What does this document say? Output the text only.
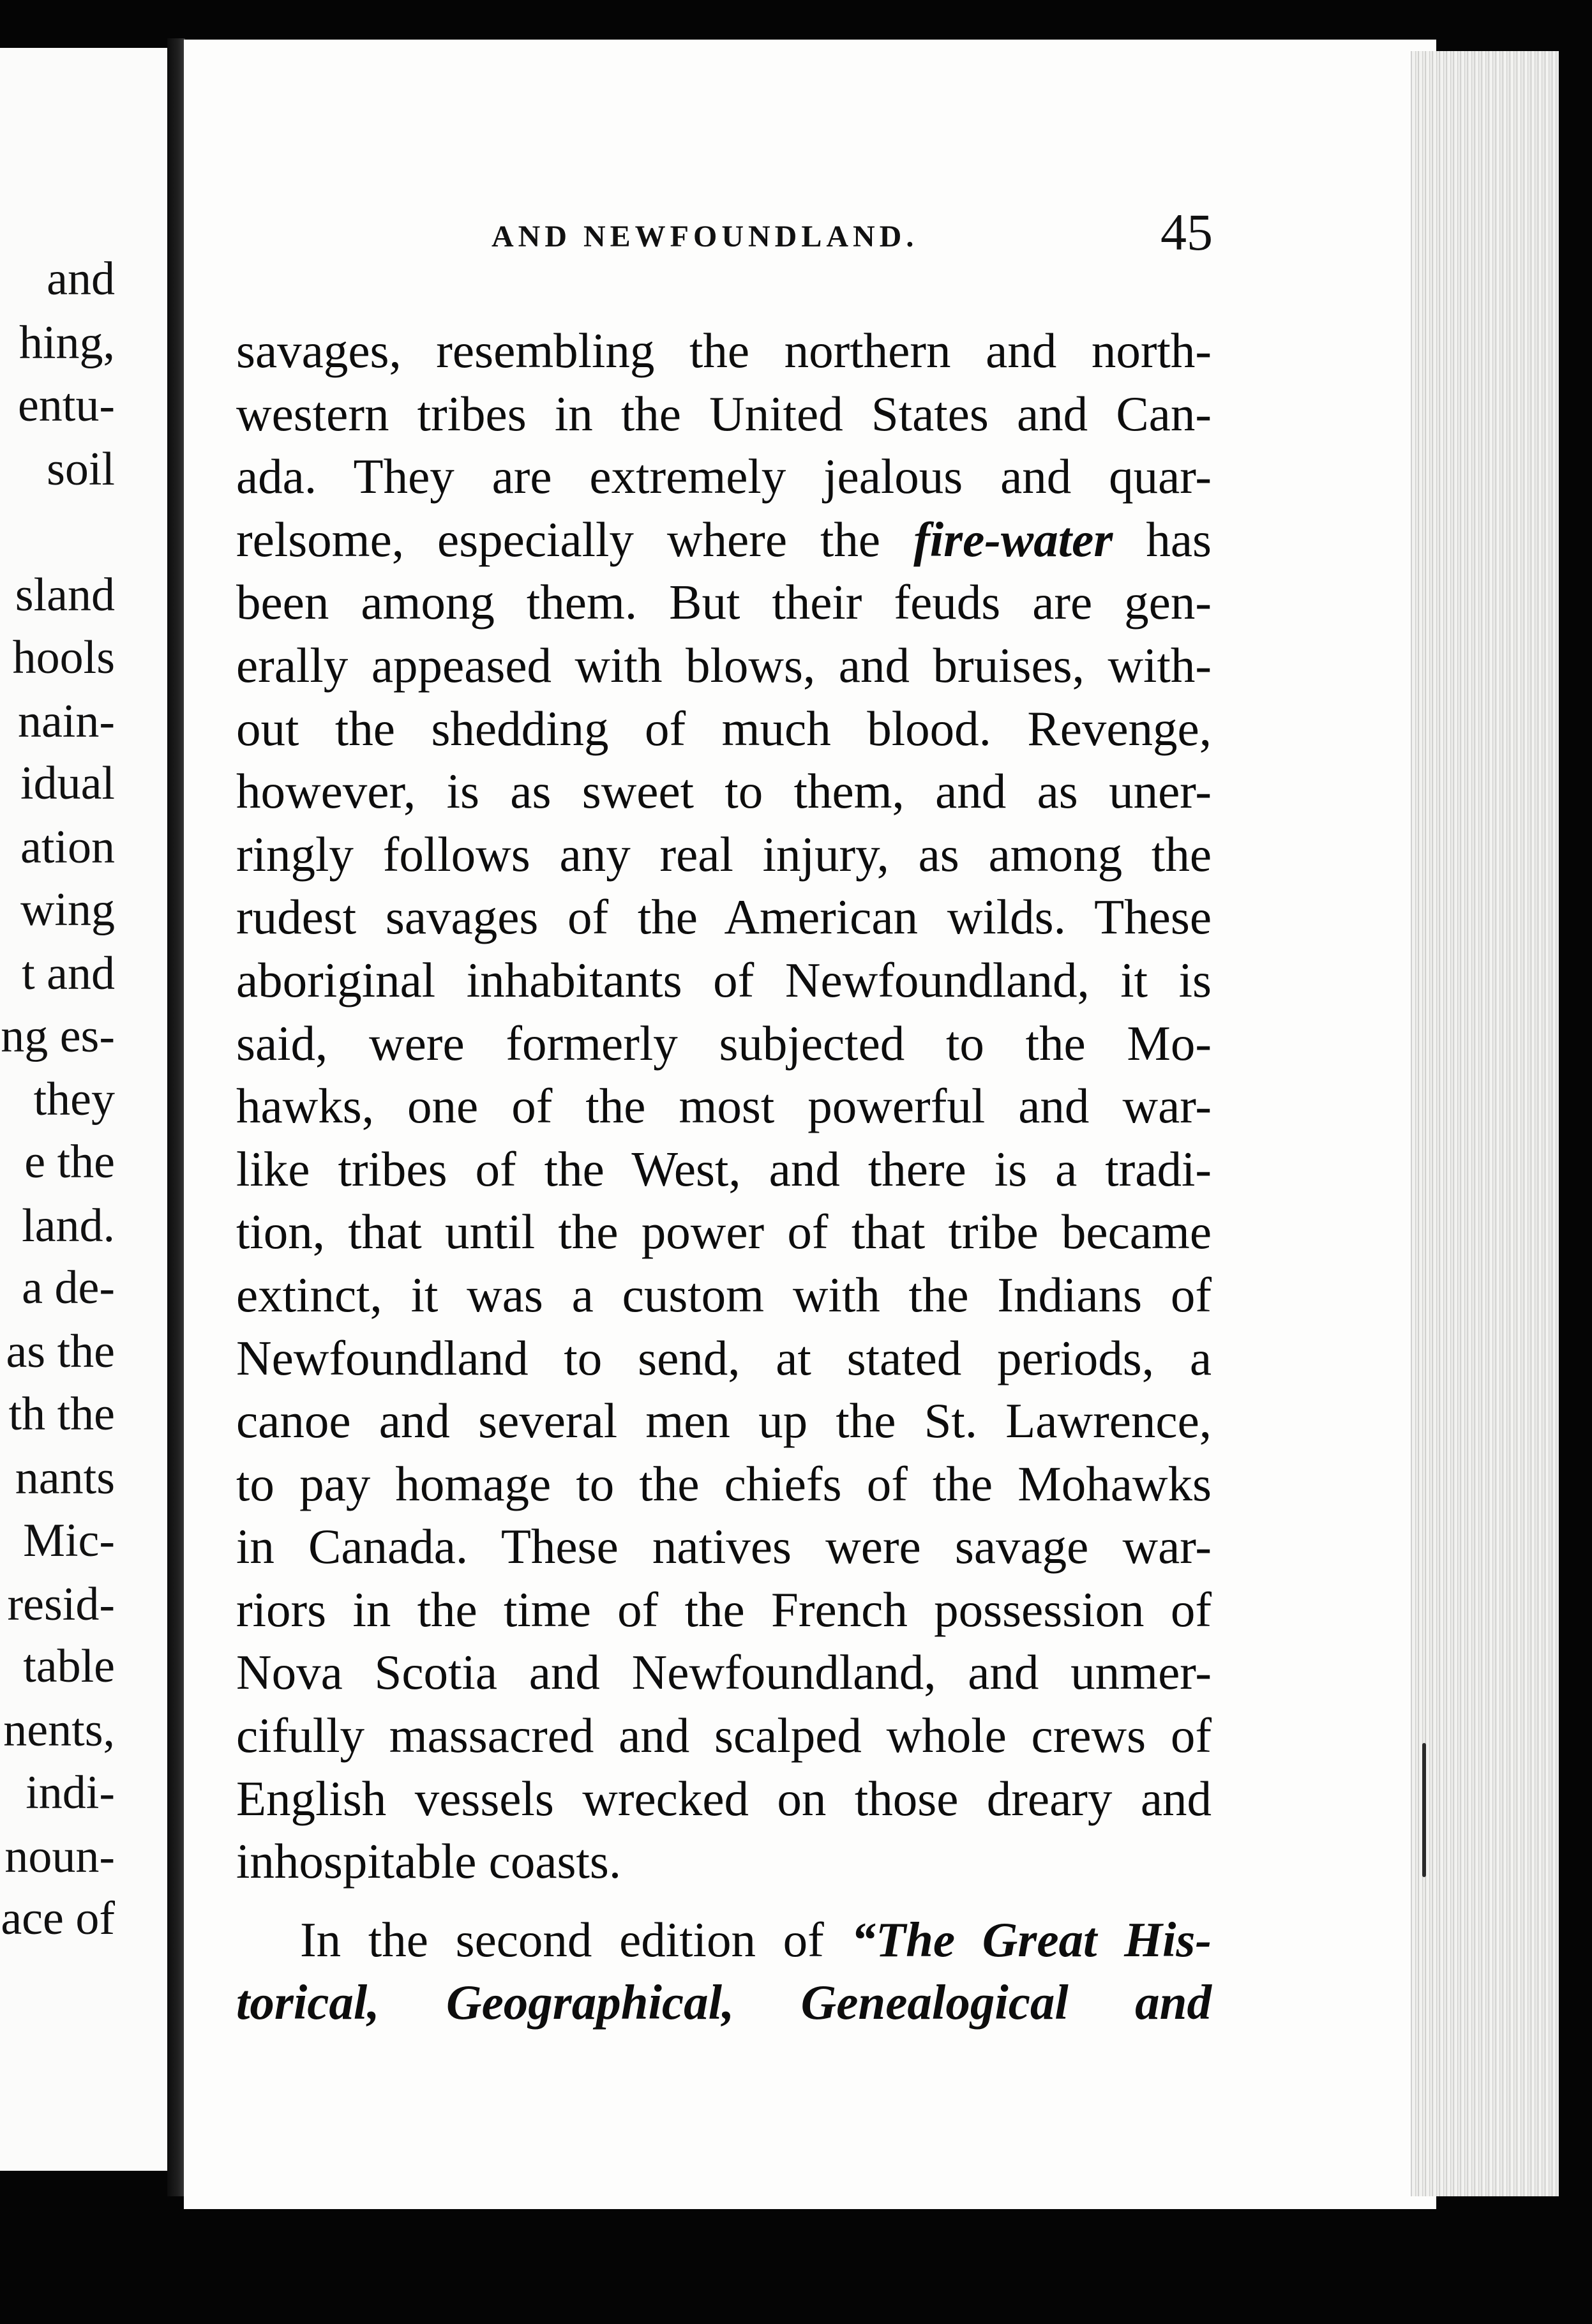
and
hing,
entu-
soil
sland
hools
nain-
idual
ation
wing
t and
ng es-
they
e the
land.
a de-
as the
th the
nants
Mic-
resid-
table
nents,
indi-
noun-
ace of
AND NEWFOUNDLAND.	45
savages, resembling the northern and north-
western tribes in the United States and Can-
ada. They are extremely jealous and quar-
relsome, especially where the fire-water has
been among them. But their feuds are gen-
erally appeased with blows, and bruises, with-
out the shedding of much blood. Revenge,
however, is as sweet to them, and as uner-
ringly follows any real injury, as among the
rudest savages of the American wilds. These
aboriginal inhabitants of Newfoundland, it is
said, were formerly subjected to the Mo-
hawks, one of the most powerful and war-
like tribes of the West, and there is a tradi-
tion, that until the power of that tribe became
extinct, it was a custom with the Indians of
Newfoundland to send, at stated periods, a
canoe and several men up the St. Lawrence,
to pay homage to the chiefs of the Mohawks
in Canada. These natives were savage war-
riors in the time of the French possession of
Nova Scotia and Newfoundland, and unmer-
cifully massacred and scalped whole crews of
English vessels wrecked on those dreary and
inhospitable coasts.
In the second edition of “The Great His-
torical, Geographical, Genealogical and
